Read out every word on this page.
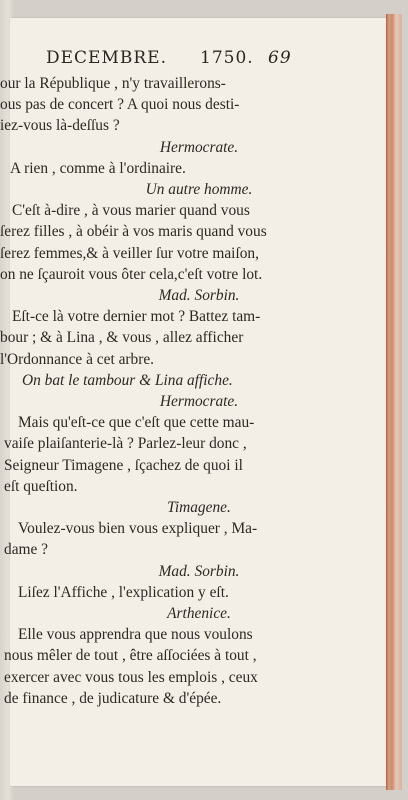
DECEMBRE. 1750. 69
our la République , n'y travaillerons-
ous pas de concert ? A quoi nous desti-
iez-vous là-deſſus ?
Hermocrate.
A rien , comme à l'ordinaire.
Un autre homme.
C'eſt à-dire , à vous marier quand vous
ſerez filles , à obéir à vos maris quand vous
ſerez femmes,& à veiller ſur votre maiſon,
on ne ſçauroit vous ôter cela,c'eſt votre lot.
Mad. Sorbin.
Eſt-ce là votre dernier mot ? Battez tam-
bour ; & à Lina , & vous , allez afficher
l'Ordonnance à cet arbre.
On bat le tambour & Lina affiche.
Hermocrate.
Mais qu'eſt-ce que c'eſt que cette mau-
vaiſe plaiſanterie-là ? Parlez-leur donc ,
Seigneur Timagene , ſçachez de quoi il
eſt queſtion.
Timagene.
Voulez-vous bien vous expliquer , Ma-
dame ?
Mad. Sorbin.
Liſez l'Affiche , l'explication y eſt.
Arthenice.
Elle vous apprendra que nous voulons
nous mêler de tout , être aſſociées à tout ,
exercer avec vous tous les emplois , ceux
de finance , de judicature & d'épée.
